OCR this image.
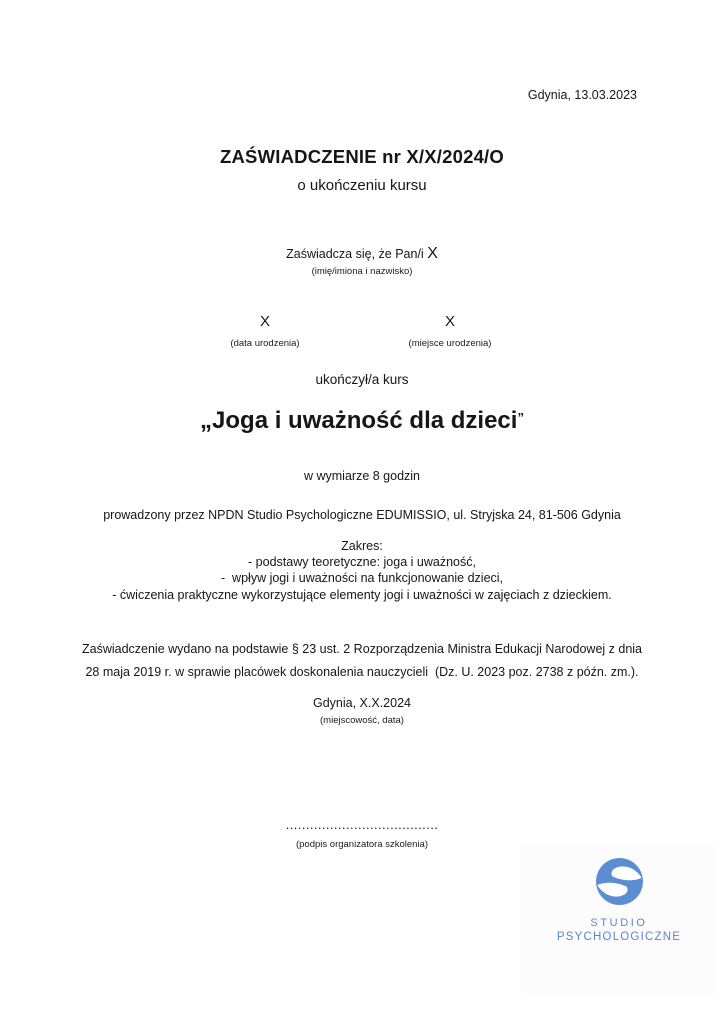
Gdynia, 13.03.2023
ZAŚWIADCZENIE nr X/X/2024/O
o ukończeniu kursu
Zaświadcza się, że Pan/i X
(imię/imiona i nazwisko)
X
(data urodzenia)
X
(miejsce urodzenia)
ukończył/a kurs
„Joga i uważność dla dzieci”
w wymiarze 8 godzin
prowadzony przez NPDN Studio Psychologiczne EDUMISSIO, ul. Stryjska 24, 81-506 Gdynia
Zakres:
- podstawy teoretyczne: joga i uważność,
-  wpływ jogi i uważności na funkcjonowanie dzieci,
- ćwiczenia praktyczne wykorzystujące elementy jogi i uważności w zajęciach z dzieckiem.
Zaświadczenie wydano na podstawie § 23 ust. 2 Rozporządzenia Ministra Edukacji Narodowej z dnia
28 maja 2019 r. w sprawie placówek doskonalenia nauczycieli  (Dz. U. 2023 poz. 2738 z późn. zm.).
Gdynia, X.X.2024
(miejscowość, data)
......................................
(podpis organizatora szkolenia)
STUDIO
PSYCHOLOGICZNE
